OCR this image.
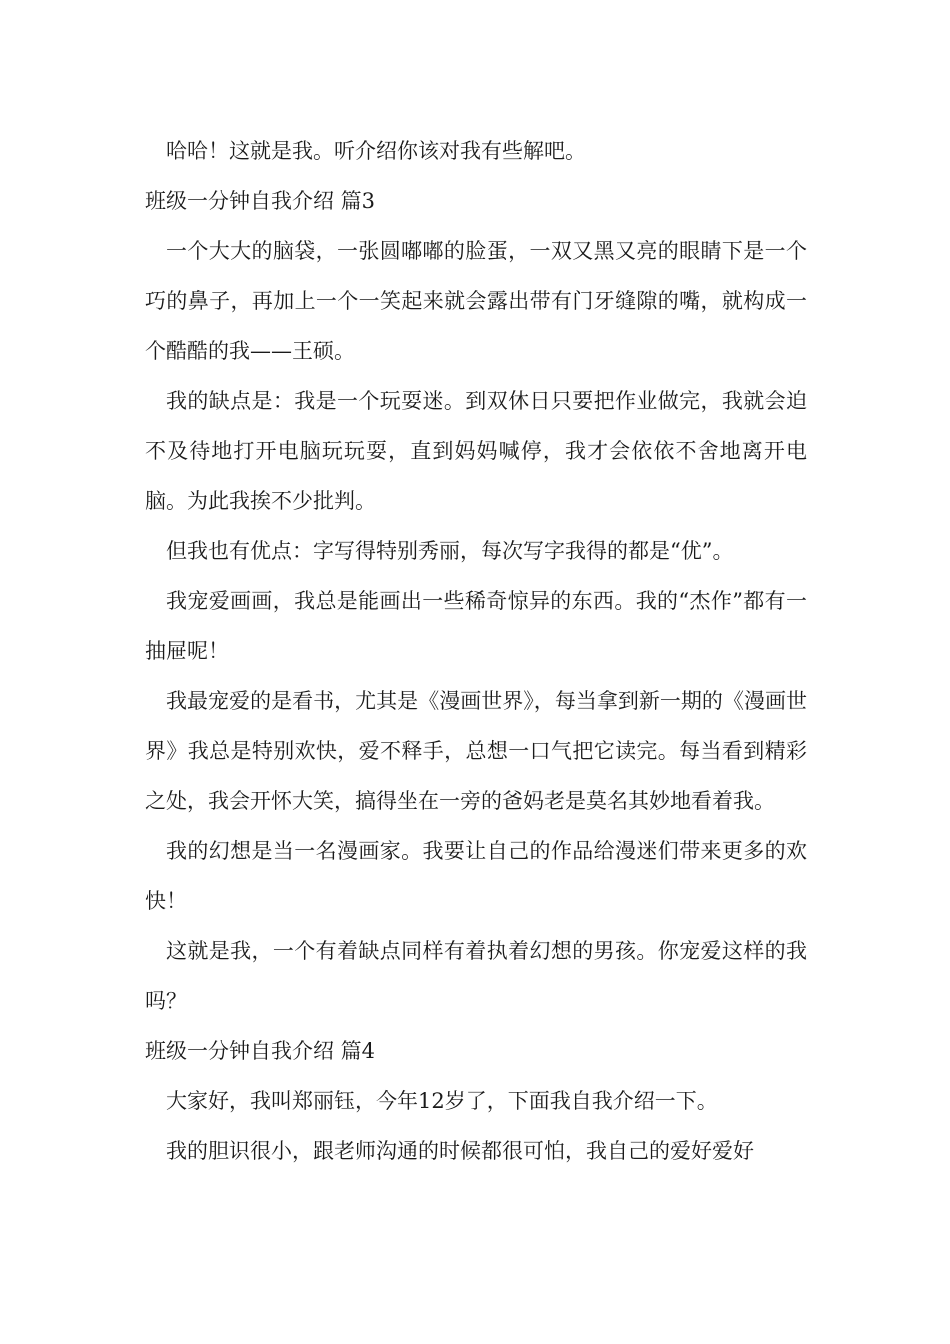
哈哈！这就是我。听介绍你该对我有些解吧。

班级一分钟自我介绍 篇3

一个大大的脑袋，一张圆嘟嘟的脸蛋，一双又黑又亮的眼睛下是一个巧的鼻子，再加上一个一笑起来就会露出带有门牙缝隙的嘴，就构成一个酷酷的我——王硕。

我的缺点是：我是一个玩耍迷。到双休日只要把作业做完，我就会迫不及待地打开电脑玩玩耍，直到妈妈喊停，我才会依依不舍地离开电脑。为此我挨不少批判。

但我也有优点：字写得特别秀丽，每次写字我得的都是“优”。

我宠爱画画，我总是能画出一些稀奇惊异的东西。我的“杰作”都有一抽屉呢！

我最宠爱的是看书，尤其是《漫画世界》，每当拿到新一期的《漫画世界》我总是特别欢快，爱不释手，总想一口气把它读完。每当看到精彩之处，我会开怀大笑，搞得坐在一旁的爸妈老是莫名其妙地看着我。

我的幻想是当一名漫画家。我要让自己的作品给漫迷们带来更多的欢快！

这就是我，一个有着缺点同样有着执着幻想的男孩。你宠爱这样的我吗？

班级一分钟自我介绍 篇4

大家好，我叫郑丽钰，今年12岁了，下面我自我介绍一下。

我的胆识很小，跟老师沟通的时候都很可怕，我自己的爱好爱好
